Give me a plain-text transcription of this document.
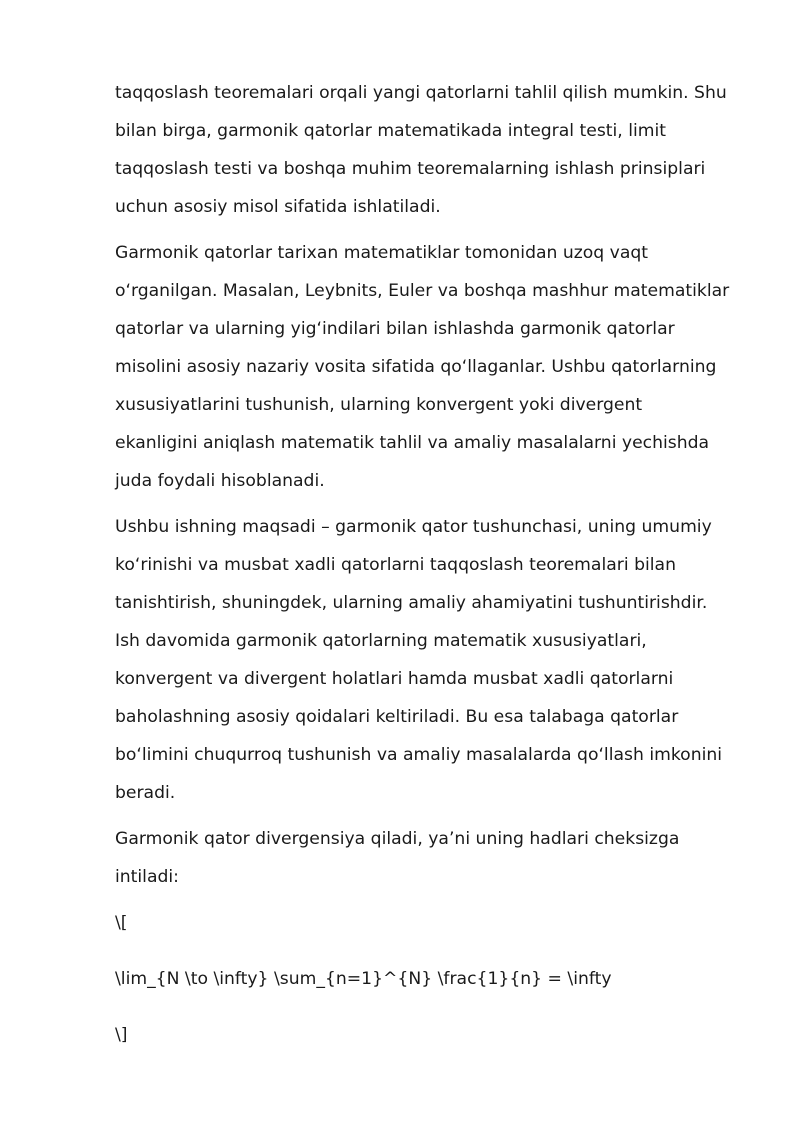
taqqoslash teoremalari orqali yangi qatorlarni tahlil qilish mumkin. Shu
bilan birga, garmonik qatorlar matematikada integral testi, limit
taqqoslash testi va boshqa muhim teoremalarning ishlash prinsiplari
uchun asosiy misol sifatida ishlatiladi.
Garmonik qatorlar tarixan matematiklar tomonidan uzoq vaqt
o‘rganilgan. Masalan, Leybnits, Euler va boshqa mashhur matematiklar
qatorlar va ularning yig‘indilari bilan ishlashda garmonik qatorlar
misolini asosiy nazariy vosita sifatida qo‘llaganlar. Ushbu qatorlarning
xususiyatlarini tushunish, ularning konvergent yoki divergent
ekanligini aniqlash matematik tahlil va amaliy masalalarni yechishda
juda foydali hisoblanadi.
Ushbu ishning maqsadi – garmonik qator tushunchasi, uning umumiy
ko‘rinishi va musbat xadli qatorlarni taqqoslash teoremalari bilan
tanishtirish, shuningdek, ularning amaliy ahamiyatini tushuntirishdir.
Ish davomida garmonik qatorlarning matematik xususiyatlari,
konvergent va divergent holatlari hamda musbat xadli qatorlarni
baholashning asosiy qoidalari keltiriladi. Bu esa talabaga qatorlar
bo‘limini chuqurroq tushunish va amaliy masalalarda qo‘llash imkonini
beradi.
Garmonik qator divergensiya qiladi, ya’ni uning hadlari cheksizga
intiladi:
\[
\lim_{N \to \infty} \sum_{n=1}^{N} \frac{1}{n} = \infty
\]
